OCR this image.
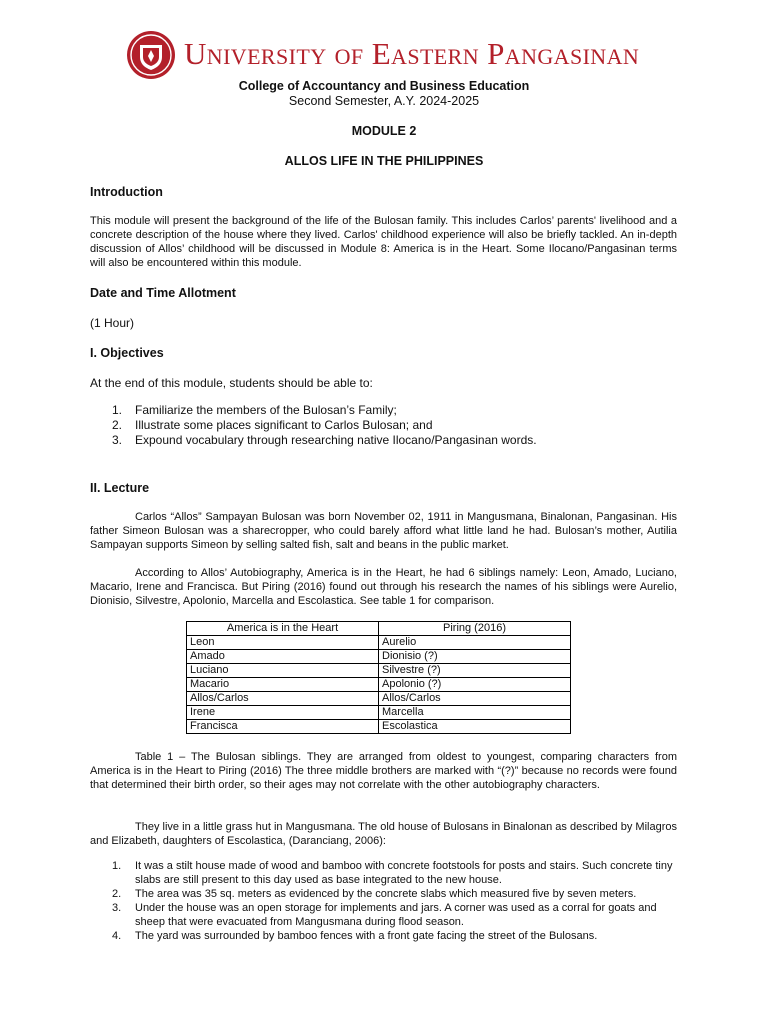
University of Eastern Pangasinan
College of Accountancy and Business Education
Second Semester, A.Y. 2024-2025
MODULE 2
ALLOS LIFE IN THE PHILIPPINES
Introduction

This module will present the background of the life of the Bulosan family. This includes Carlos’ parents' livelihood and a concrete description of the house where they lived. Carlos' childhood experience will also be briefly tackled. An in-depth discussion of Allos’ childhood will be discussed in Module 8: America is in the Heart. Some Ilocano/Pangasinan terms will also be encountered within this module.

Date and Time Allotment
(1 Hour)
I. Objectives
At the end of this module, students should be able to:
1. Familiarize the members of the Bulosan’s Family;
2. Illustrate some places significant to Carlos Bulosan; and
3. Expound vocabulary through researching native Ilocano/Pangasinan words.
II. Lecture

Carlos “Allos” Sampayan Bulosan was born November 02, 1911 in Mangusmana, Binalonan, Pangasinan. His father Simeon Bulosan was a sharecropper, who could barely afford what little land he had. Bulosan’s mother, Autilia Sampayan supports Simeon by selling salted fish, salt and beans in the public market.

According to Allos’ Autobiography, America is in the Heart, he had 6 siblings namely: Leon, Amado, Luciano, Macario, Irene and Francisca. But Piring (2016) found out through his research the names of his siblings were Aurelio, Dionisio, Silvestre, Apolonio, Marcella and Escolastica. See table 1 for comparison.

America is in the Heart	Piring (2016)
Leon	Aurelio
Amado	Dionisio (?)
Luciano	Silvestre (?)
Macario	Apolonio (?)
Allos/Carlos	Allos/Carlos
Irene	Marcella
Francisca	Escolastica

Table 1 – The Bulosan siblings. They are arranged from oldest to youngest, comparing characters from America is in the Heart to Piring (2016) The three middle brothers are marked with “(?)” because no records were found that determined their birth order, so their ages may not correlate with the other autobiography characters.

They live in a little grass hut in Mangusmana. The old house of Bulosans in Binalonan as described by Milagros and Elizabeth, daughters of Escolastica, (Daranciang, 2006):

1. It was a stilt house made of wood and bamboo with concrete footstools for posts and stairs. Such concrete tiny slabs are still present to this day used as base integrated to the new house.
2. The area was 35 sq. meters as evidenced by the concrete slabs which measured five by seven meters.
3. Under the house was an open storage for implements and jars. A corner was used as a corral for goats and sheep that were evacuated from Mangusmana during flood season.
4. The yard was surrounded by bamboo fences with a front gate facing the street of the Bulosans.
